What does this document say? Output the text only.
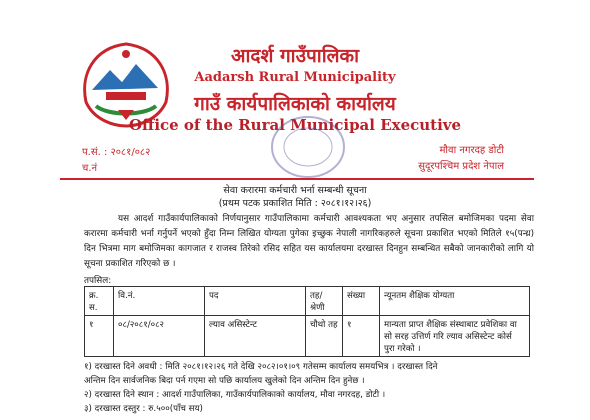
आदर्श गाउँपालिका
Aadarsh Rural Municipality
गाउँ कार्यपालिकाको कार्यालय
Office of the Rural Municipal Executive
प.सं. : २०८१/०८२
च.नं
मौवा नगरदह डोटी
सुदूरपश्चिम प्रदेश नेपाल
सेवा करारमा कर्मचारी भर्ना सम्बन्धी सूचना
(प्रथम पटक प्रकाशित मिति : २०८१।१२।२६)
यस आदर्श गाउँकार्यपालिकाको निर्णयानुसार गाउँपालिकामा कर्मचारी आवश्यकता भए अनुसार तपसिल बमोजिमका पदमा सेवा करारमा कर्मचारी भर्ना गर्नुपर्ने भएको हुँदा निम्न लिखित योग्यता पुगेका इच्छुक नेपाली नागरिकहरुले सूचना प्रकाशित भएको मितिले १५(पन्ध्र) दिन भित्रमा माग बमोजिमका कागजात र राजस्व तिरेको रसिद सहित यस कार्यालयमा दरखास्त दिनहुन सम्बन्धित सबैको जानकारीको लागि यो सूचना प्रकाशित गरिएको छ ।
तपसिल:
क्र. स.	वि.नं.	पद	तह/ श्रेणी	संख्या	न्यूनतम शैक्षिक योग्यता
१	०८/२०८१/०८२	ल्याव असिस्टेन्ट	चौथो तह	१	मान्यता प्राप्त शैक्षिक संस्थाबाट प्रवेशिका वा सो सरह उत्तिर्ण गरि ल्याव असिस्टेन्ट कोर्स पुरा गरेको ।
१) दरखास्त दिने अवधी : मिति २०८१।१२।२६ गते देखि २०८२।०१।०९ गतेसम्म कार्यालय समयभित्र । दरखास्त दिने
अन्तिम दिन सार्वजनिक बिदा पर्न गएमा सो पछि कार्यालय खुलेको दिन अन्तिम दिन हुनेछ ।
२) दरखास्त दिने स्थान : आदर्श गाउँपालिका, गाउँकार्यपालिकाको कार्यालय, मौवा नगरदह, डोटी ।
३) दरखास्त दस्तुर : रु.५००(पाँच सय)
